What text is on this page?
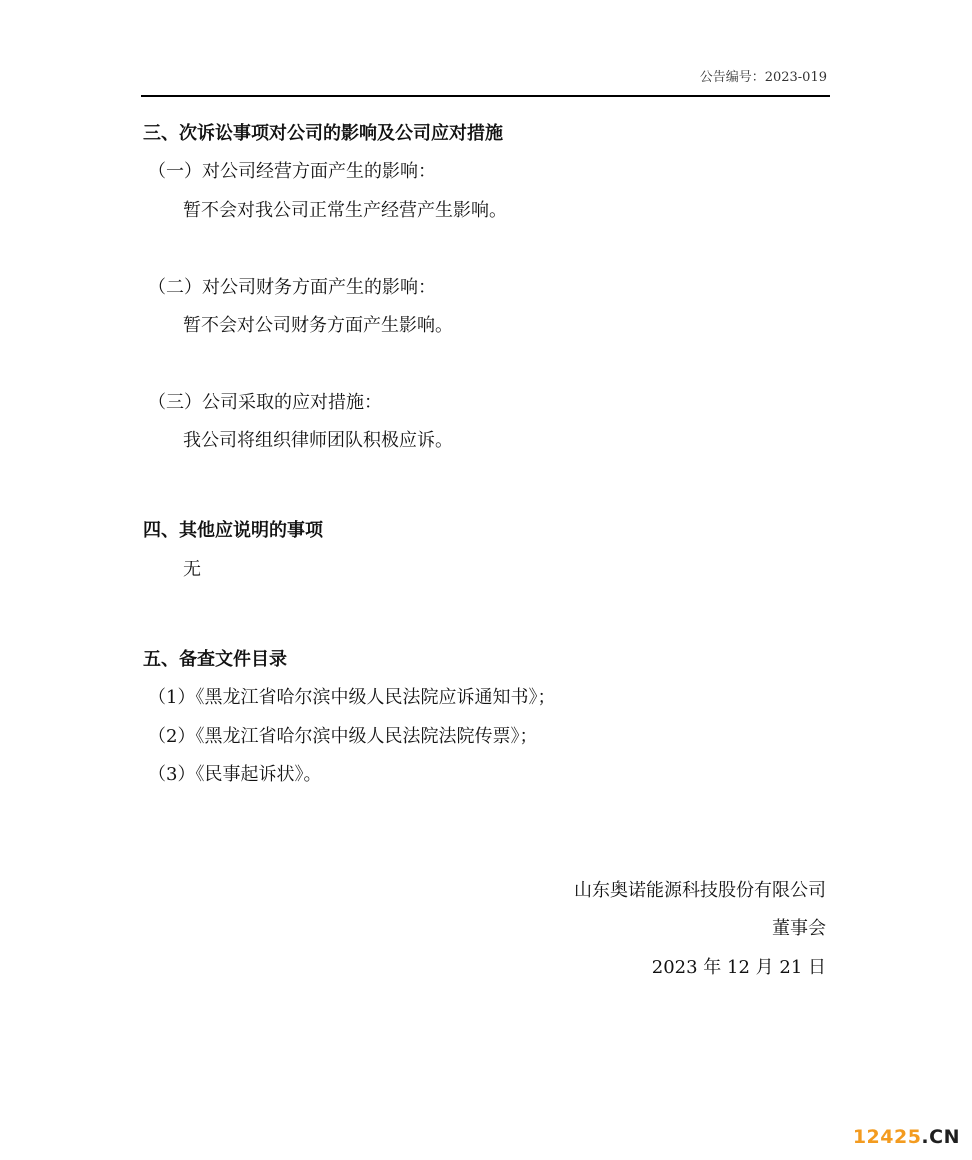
公告编号：2023-019
三、次诉讼事项对公司的影响及公司应对措施
（一）对公司经营方面产生的影响：
暂不会对我公司正常生产经营产生影响。
（二）对公司财务方面产生的影响：
暂不会对公司财务方面产生影响。
（三）公司采取的应对措施：
我公司将组织律师团队积极应诉。
四、其他应说明的事项
无
五、备查文件目录
（1）《黑龙江省哈尔滨中级人民法院应诉通知书》；
（2）《黑龙江省哈尔滨中级人民法院法院传票》；
（3）《民事起诉状》。
山东奥诺能源科技股份有限公司
董事会
2023 年 12 月 21 日
12425.CN
